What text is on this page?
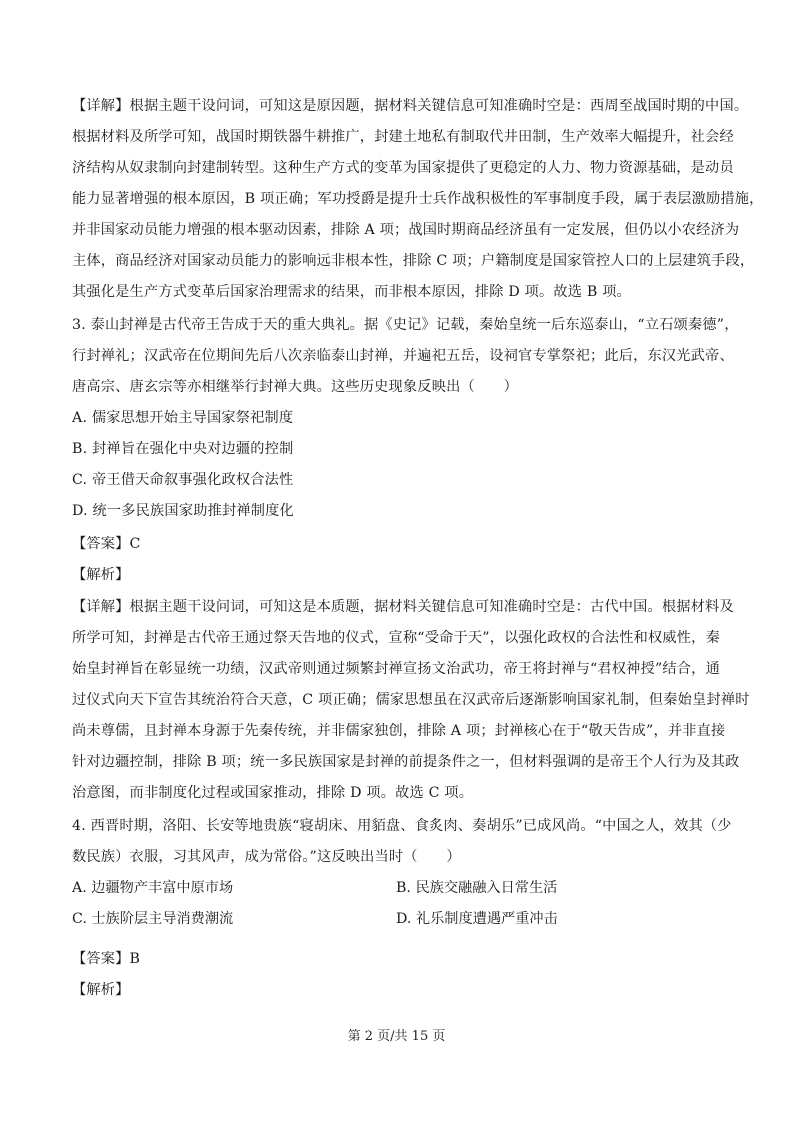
【详解】根据主题干设问词，可知这是原因题，据材料关键信息可知准确时空是：西周至战国时期的中国。
根据材料及所学可知，战国时期铁器牛耕推广，封建土地私有制取代井田制，生产效率大幅提升，社会经
济结构从奴隶制向封建制转型。这种生产方式的变革为国家提供了更稳定的人力、物力资源基础，是动员
能力显著增强的根本原因，B 项正确；军功授爵是提升士兵作战积极性的军事制度手段，属于表层激励措施，
并非国家动员能力增强的根本驱动因素，排除 A 项；战国时期商品经济虽有一定发展，但仍以小农经济为
主体，商品经济对国家动员能力的影响远非根本性，排除 C 项；户籍制度是国家管控人口的上层建筑手段，
其强化是生产方式变革后国家治理需求的结果，而非根本原因，排除 D 项。故选 B 项。
3. 泰山封禅是古代帝王告成于天的重大典礼。据《史记》记载，秦始皇统一后东巡泰山，“立石颂秦德”，
行封禅礼；汉武帝在位期间先后八次亲临泰山封禅，并遍祀五岳，设祠官专掌祭祀；此后，东汉光武帝、
唐高宗、唐玄宗等亦相继举行封禅大典。这些历史现象反映出（　　）
A. 儒家思想开始主导国家祭祀制度
B. 封禅旨在强化中央对边疆的控制
C. 帝王借天命叙事强化政权合法性
D. 统一多民族国家助推封禅制度化
【答案】C
【解析】
【详解】根据主题干设问词，可知这是本质题，据材料关键信息可知准确时空是：古代中国。根据材料及
所学可知，封禅是古代帝王通过祭天告地的仪式，宣称“受命于天”，以强化政权的合法性和权威性，秦
始皇封禅旨在彰显统一功绩，汉武帝则通过频繁封禅宣扬文治武功，帝王将封禅与“君权神授”结合，通
过仪式向天下宣告其统治符合天意，C 项正确；儒家思想虽在汉武帝后逐渐影响国家礼制，但秦始皇封禅时
尚未尊儒，且封禅本身源于先秦传统，并非儒家独创，排除 A 项；封禅核心在于“敬天告成”，并非直接
针对边疆控制，排除 B 项；统一多民族国家是封禅的前提条件之一，但材料强调的是帝王个人行为及其政
治意图，而非制度化过程或国家推动，排除 D 项。故选 C 项。
4. 西晋时期，洛阳、长安等地贵族“寝胡床、用貊盘、食炙肉、奏胡乐”已成风尚。“中国之人，效其（少
数民族）衣服，习其风声，成为常俗。”这反映出当时（　　）
A. 边疆物产丰富中原市场	B. 民族交融融入日常生活
C. 士族阶层主导消费潮流	D. 礼乐制度遭遇严重冲击
【答案】B
【解析】
第 2 页/共 15 页
